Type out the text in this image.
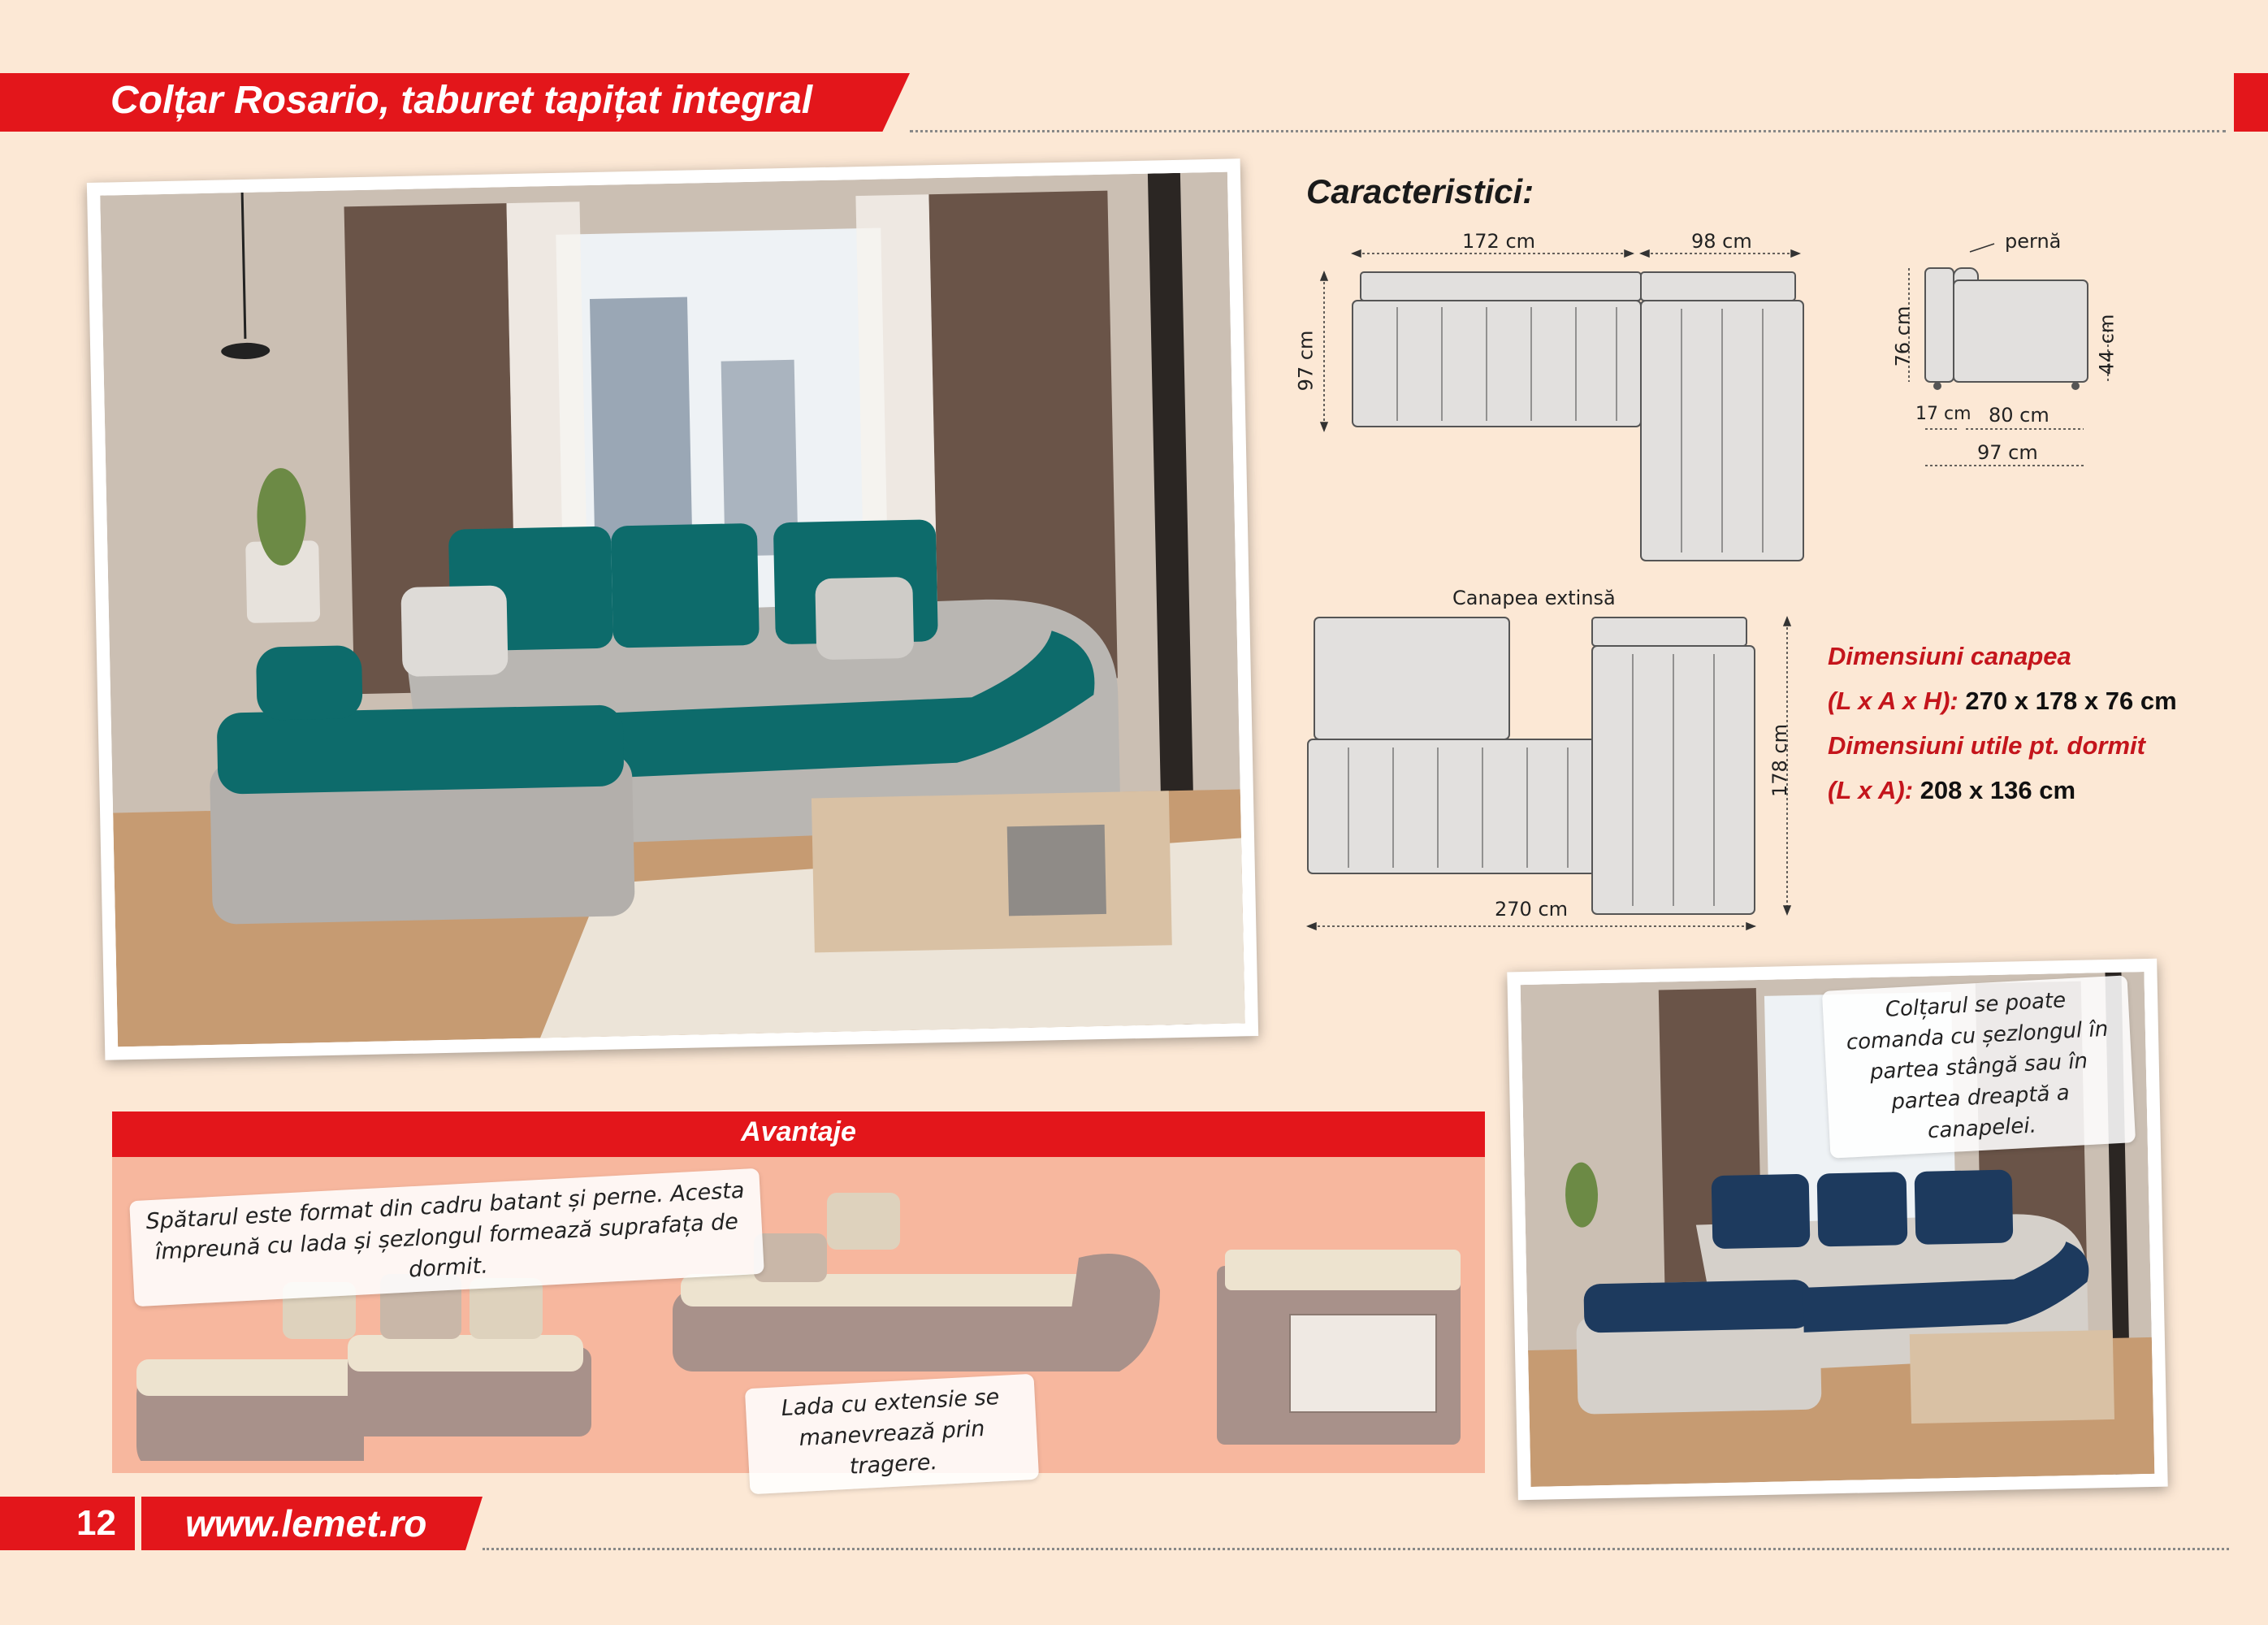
Colțar Rosario, taburet tapițat integral
Caracteristici:
172 cm	98 cm
97 cm
pernă
76 cm	44 cm
17 cm 80 cm
97 cm
Canapea extinsă
270 cm
178 cm
Dimensiuni canapea
(L x A x H): 270 x 178 x 76 cm
Dimensiuni utile pt. dormit
(L x A): 208 x 136 cm
Avantaje
Spătarul este format din cadru batant și perne. Acesta împreună cu lada și șezlongul formează suprafața de dormit.
Lada cu extensie se manevrează prin tragere.
Colțarul se poate comanda cu șezlongul în partea stângă sau în partea dreaptă a canapelei.
12 www.lemet.ro
